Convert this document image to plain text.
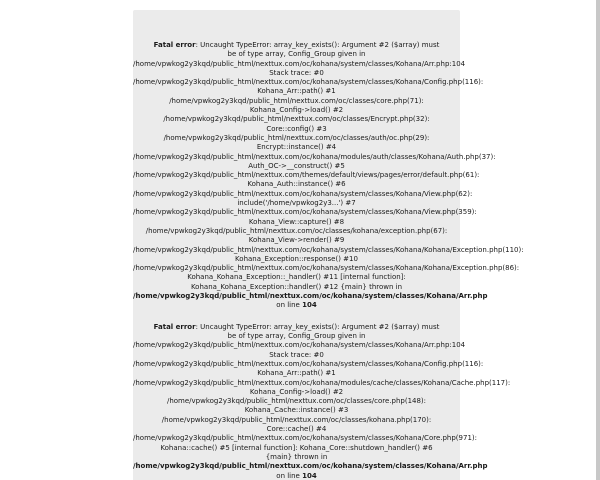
Fatal error: Uncaught TypeError: array_key_exists(): Argument #2 ($array) must
be of type array, Config_Group given in
/home/vpwkog2y3kqd/public_html/nexttux.com/oc/kohana/system/classes/Kohana/Arr.php:104
Stack trace: #0
/home/vpwkog2y3kqd/public_html/nexttux.com/oc/kohana/system/classes/Kohana/Config.php(116):
Kohana_Arr::path() #1
/home/vpwkog2y3kqd/public_html/nexttux.com/oc/classes/core.php(71):
Kohana_Config->load() #2
/home/vpwkog2y3kqd/public_html/nexttux.com/oc/classes/Encrypt.php(32):
Core::config() #3
/home/vpwkog2y3kqd/public_html/nexttux.com/oc/classes/auth/oc.php(29):
Encrypt::instance() #4
/home/vpwkog2y3kqd/public_html/nexttux.com/oc/kohana/modules/auth/classes/Kohana/Auth.php(37):
Auth_OC->__construct() #5
/home/vpwkog2y3kqd/public_html/nexttux.com/themes/default/views/pages/error/default.php(61):
Kohana_Auth::instance() #6
/home/vpwkog2y3kqd/public_html/nexttux.com/oc/kohana/system/classes/Kohana/View.php(62):
include('/home/vpwkog2y3...') #7
/home/vpwkog2y3kqd/public_html/nexttux.com/oc/kohana/system/classes/Kohana/View.php(359):
Kohana_View::capture() #8
/home/vpwkog2y3kqd/public_html/nexttux.com/oc/classes/kohana/exception.php(67):
Kohana_View->render() #9
/home/vpwkog2y3kqd/public_html/nexttux.com/oc/kohana/system/classes/Kohana/Kohana/Exception.php(110):
Kohana_Exception::response() #10
/home/vpwkog2y3kqd/public_html/nexttux.com/oc/kohana/system/classes/Kohana/Kohana/Exception.php(86):
Kohana_Kohana_Exception::_handler() #11 [internal function]:
Kohana_Kohana_Exception::handler() #12 {main} thrown in
/home/vpwkog2y3kqd/public_html/nexttux.com/oc/kohana/system/classes/Kohana/Arr.php
on line 104
Fatal error: Uncaught TypeError: array_key_exists(): Argument #2 ($array) must
be of type array, Config_Group given in
/home/vpwkog2y3kqd/public_html/nexttux.com/oc/kohana/system/classes/Kohana/Arr.php:104
Stack trace: #0
/home/vpwkog2y3kqd/public_html/nexttux.com/oc/kohana/system/classes/Kohana/Config.php(116):
Kohana_Arr::path() #1
/home/vpwkog2y3kqd/public_html/nexttux.com/oc/kohana/modules/cache/classes/Kohana/Cache.php(117):
Kohana_Config->load() #2
/home/vpwkog2y3kqd/public_html/nexttux.com/oc/classes/core.php(148):
Kohana_Cache::instance() #3
/home/vpwkog2y3kqd/public_html/nexttux.com/oc/classes/kohana.php(170):
Core::cache() #4
/home/vpwkog2y3kqd/public_html/nexttux.com/oc/kohana/system/classes/Kohana/Core.php(971):
Kohana::cache() #5 [internal function]: Kohana_Core::shutdown_handler() #6
{main} thrown in
/home/vpwkog2y3kqd/public_html/nexttux.com/oc/kohana/system/classes/Kohana/Arr.php
on line 104
